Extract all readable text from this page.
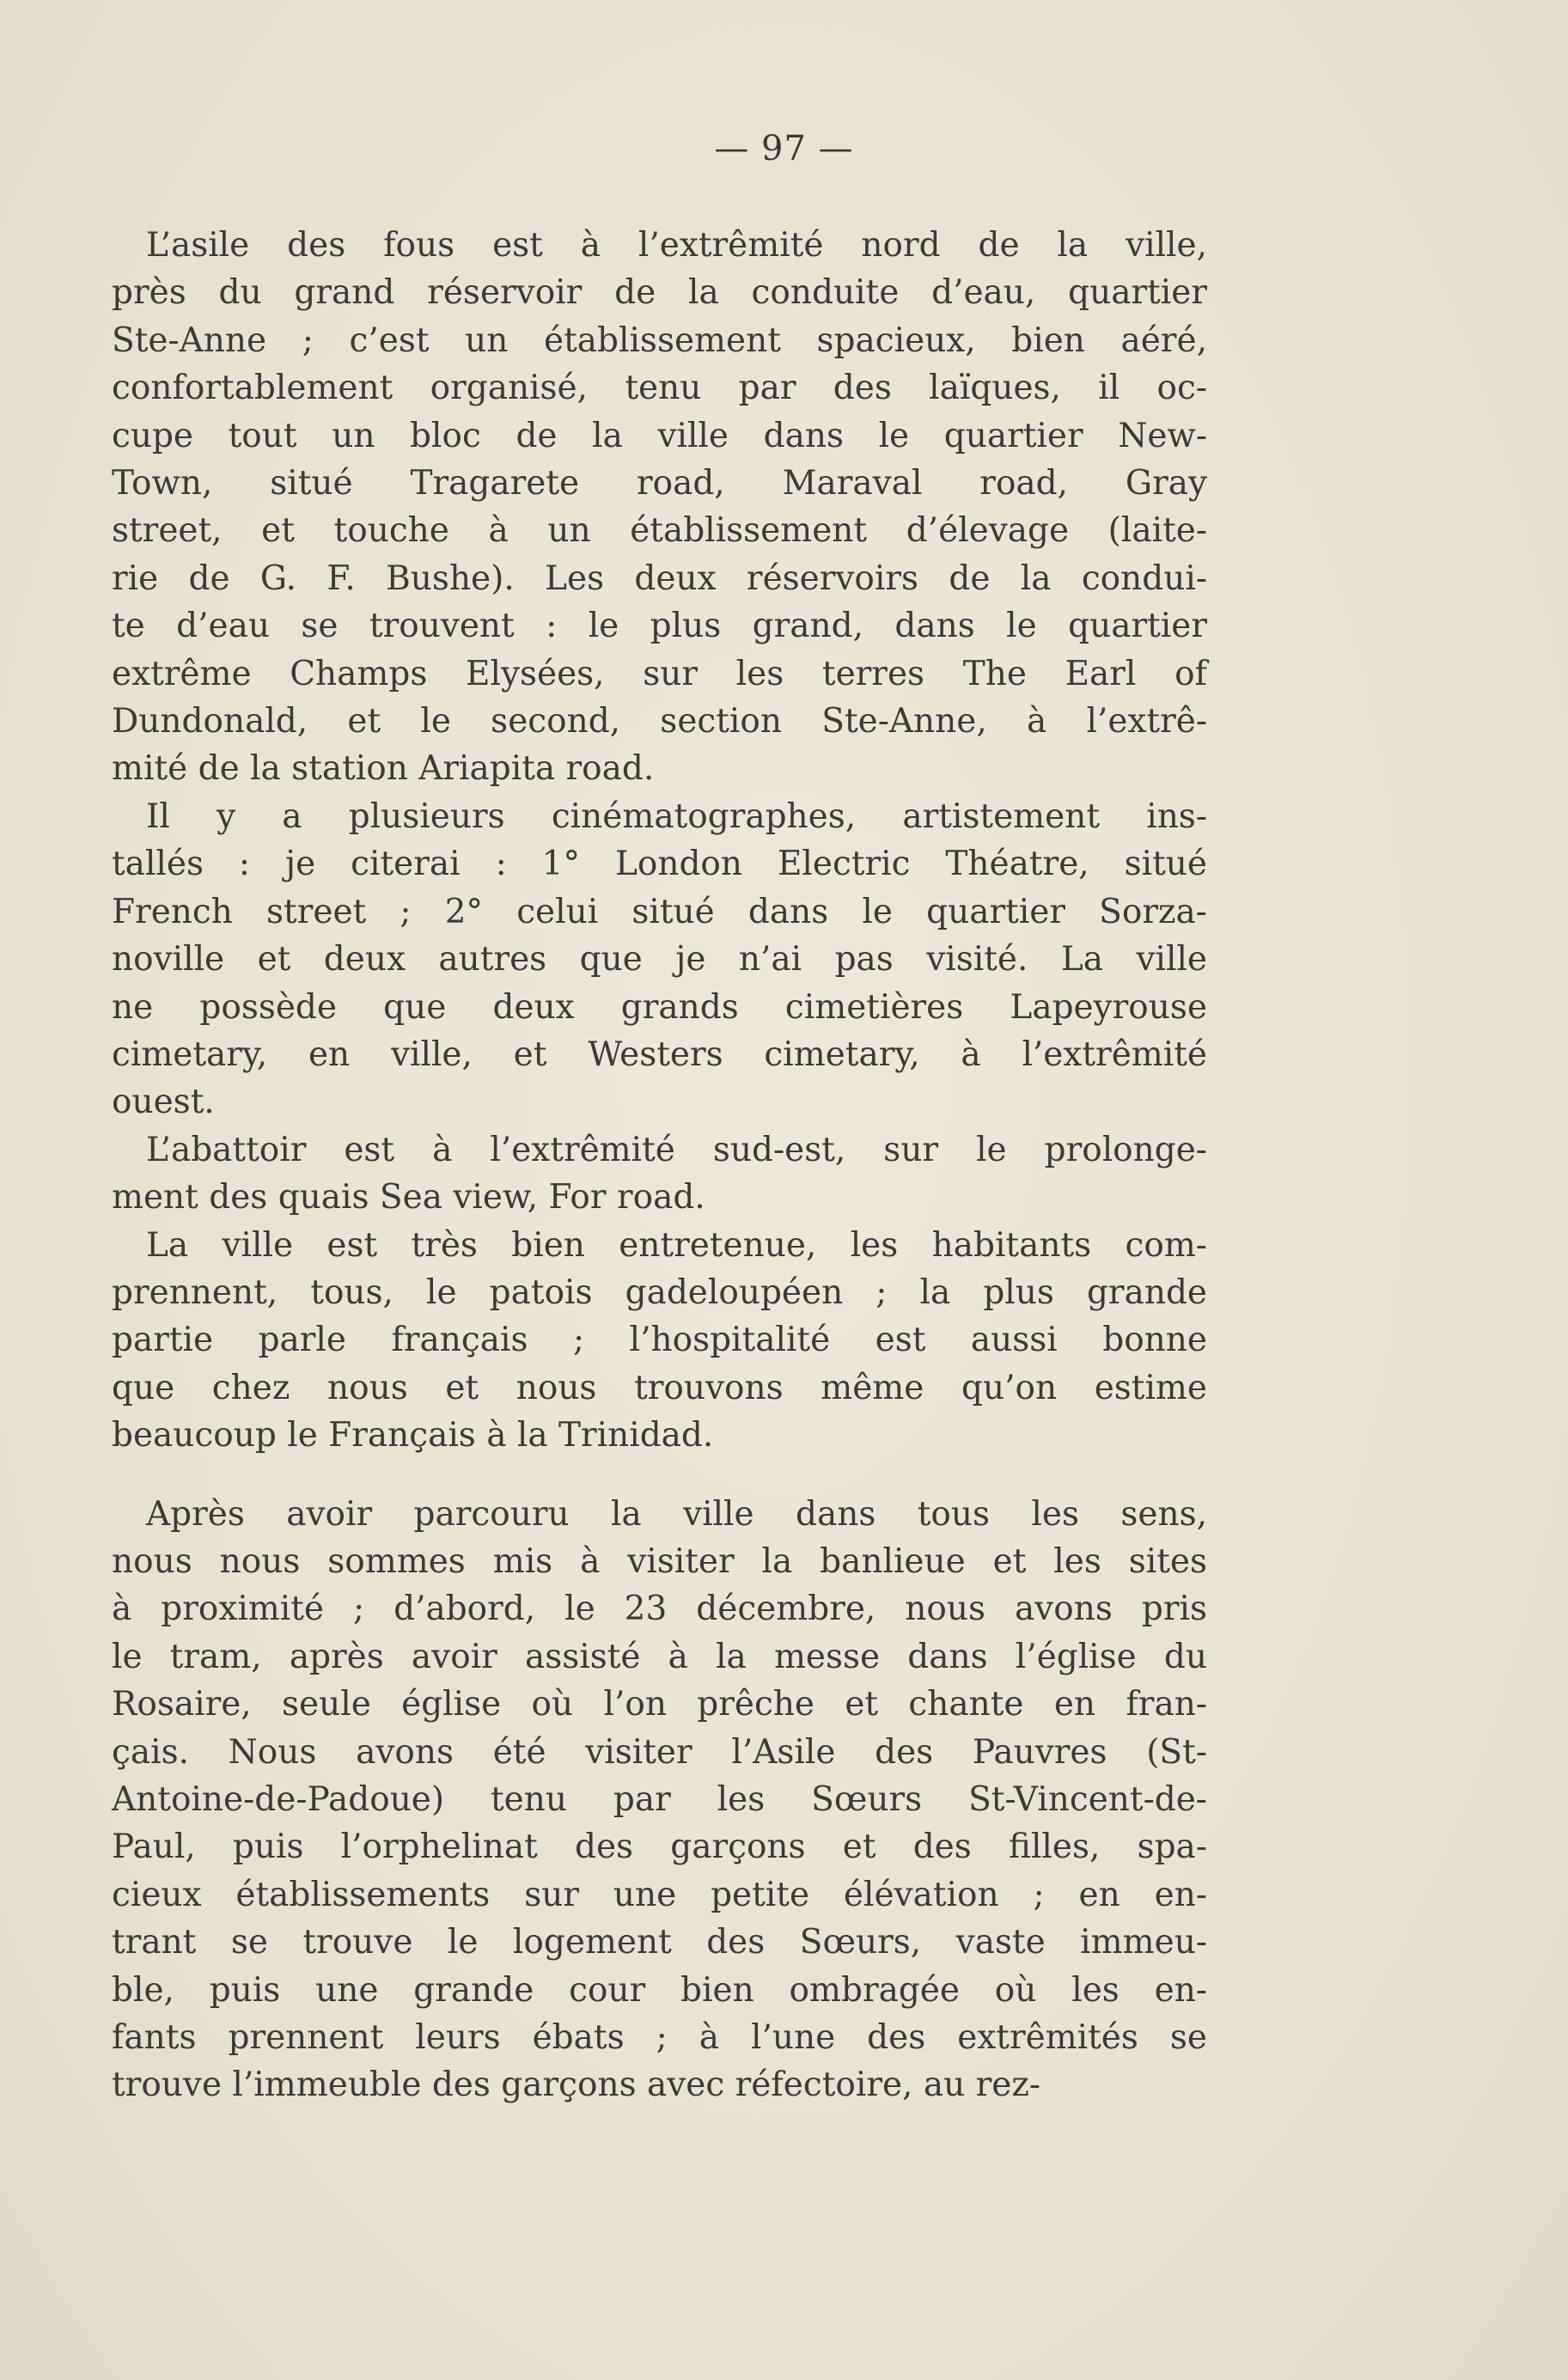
— 97 —
L’asile des fous est à l’extrêmité nord de la ville,
près du grand réservoir de la conduite d’eau, quartier
Ste-Anne ; c’est un établissement spacieux, bien aéré,
confortablement organisé, tenu par des laïques, il oc-
cupe tout un bloc de la ville dans le quartier New-
Town, situé Tragarete road, Maraval road, Gray
street, et touche à un établissement d’élevage (laite-
rie de G. F. Bushe). Les deux réservoirs de la condui-
te d’eau se trouvent : le plus grand, dans le quartier
extrême Champs Elysées, sur les terres The Earl of
Dundonald, et le second, section Ste-Anne, à l’extrê-
mité de la station Ariapita road.
Il y a plusieurs cinématographes, artistement ins-
tallés : je citerai : 1° London Electric Théatre, situé
French street ; 2° celui situé dans le quartier Sorza-
noville et deux autres que je n’ai pas visité. La ville
ne possède que deux grands cimetières Lapeyrouse
cimetary, en ville, et Westers cimetary, à l’extrêmité
ouest.
L’abattoir est à l’extrêmité sud-est, sur le prolonge-
ment des quais Sea view, For road.
La ville est très bien entretenue, les habitants com-
prennent, tous, le patois gadeloupéen ; la plus grande
partie parle français ; l’hospitalité est aussi bonne
que chez nous et nous trouvons même qu’on estime
beaucoup le Français à la Trinidad.
Après avoir parcouru la ville dans tous les sens,
nous nous sommes mis à visiter la banlieue et les sites
à proximité ; d’abord, le 23 décembre, nous avons pris
le tram, après avoir assisté à la messe dans l’église du
Rosaire, seule église où l’on prêche et chante en fran-
çais. Nous avons été visiter l’Asile des Pauvres (St-
Antoine-de-Padoue) tenu par les Sœurs St-Vincent-de-
Paul, puis l’orphelinat des garçons et des filles, spa-
cieux établissements sur une petite élévation ; en en-
trant se trouve le logement des Sœurs, vaste immeu-
ble, puis une grande cour bien ombragée où les en-
fants prennent leurs ébats ; à l’une des extrêmités se
trouve l’immeuble des garçons avec réfectoire, au rez-
